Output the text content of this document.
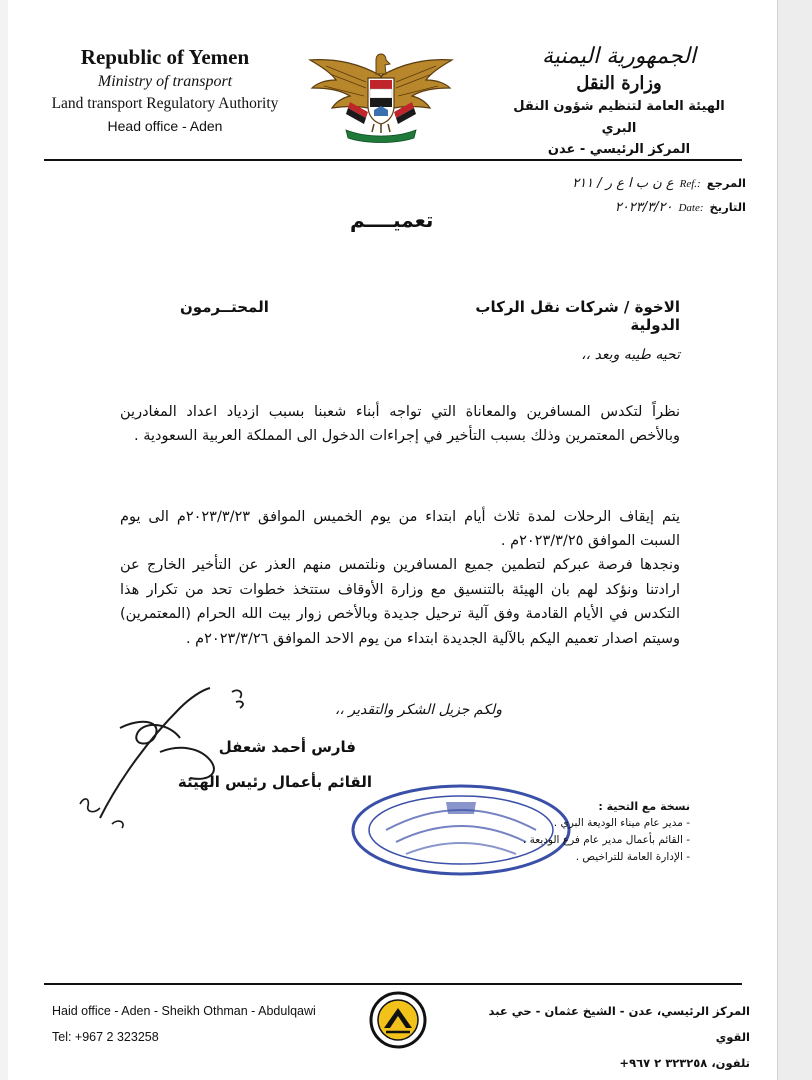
Republic of Yemen
Ministry of transport
Land transport Regulatory Authority
Head office - Aden
الجمهورية اليمنية
وزارة النقل
الهيئة العامة لتنظيم شؤون النقل البري
المركز الرئيسي - عدن
المرجع
Ref.:
ع ن ب ا ع ر / ٢١١
التاريخ
Date:
٢٠٢٣/٣/٢٠
تعميــــم
الاخوة / شركات نقل الركاب الدولية
المحتــرمون
تحيه طيبه وبعد ،،
نظراً لتكدس المسافرين والمعاناة التي تواجه أبناء شعبنا بسبب ازدياد اعداد المغادرين وبالأخص المعتمرين وذلك بسبب التأخير في إجراءات الدخول الى المملكة العربية السعودية .
يتم إيقاف الرحلات لمدة ثلاث أيام ابتداء من يوم الخميس الموافق ٢٠٢٣/٣/٢٣م الى يوم السبت الموافق ٢٠٢٣/٣/٢٥م .
ونجدها فرصة عبركم لتطمين جميع المسافرين ونلتمس منهم العذر عن التأخير الخارج عن ارادتنا ونؤكد لهم بان الهيئة بالتنسيق مع وزارة الأوقاف ستتخذ خطوات تحد من تكرار هذا التكدس في الأيام القادمة وفق آلية ترحيل جديدة وبالأخص زوار بيت الله الحرام (المعتمرين) وسيتم اصدار تعميم اليكم بالآلية الجديدة ابتداء من يوم الاحد الموافق ٢٠٢٣/٣/٢٦م .
ولكم جزيل الشكر والتقدير ،،
فارس أحمد شعفل
القائم بأعمال رئيس الهيئة
نسخة مع التحية :
- مدير عام ميناء الوديعة البري .
- القائم بأعمال مدير عام فرع الوديعة .
- الإدارة العامة للتراخيص .
Haid office - Aden - Sheikh Othman - Abdulqawi
Tel: +967 2 323258
المركز الرئيسي، عدن - الشيخ عثمان - حي عبد القوي
تلفون، ٣٢٣٢٥٨ ٢ ٩٦٧+
